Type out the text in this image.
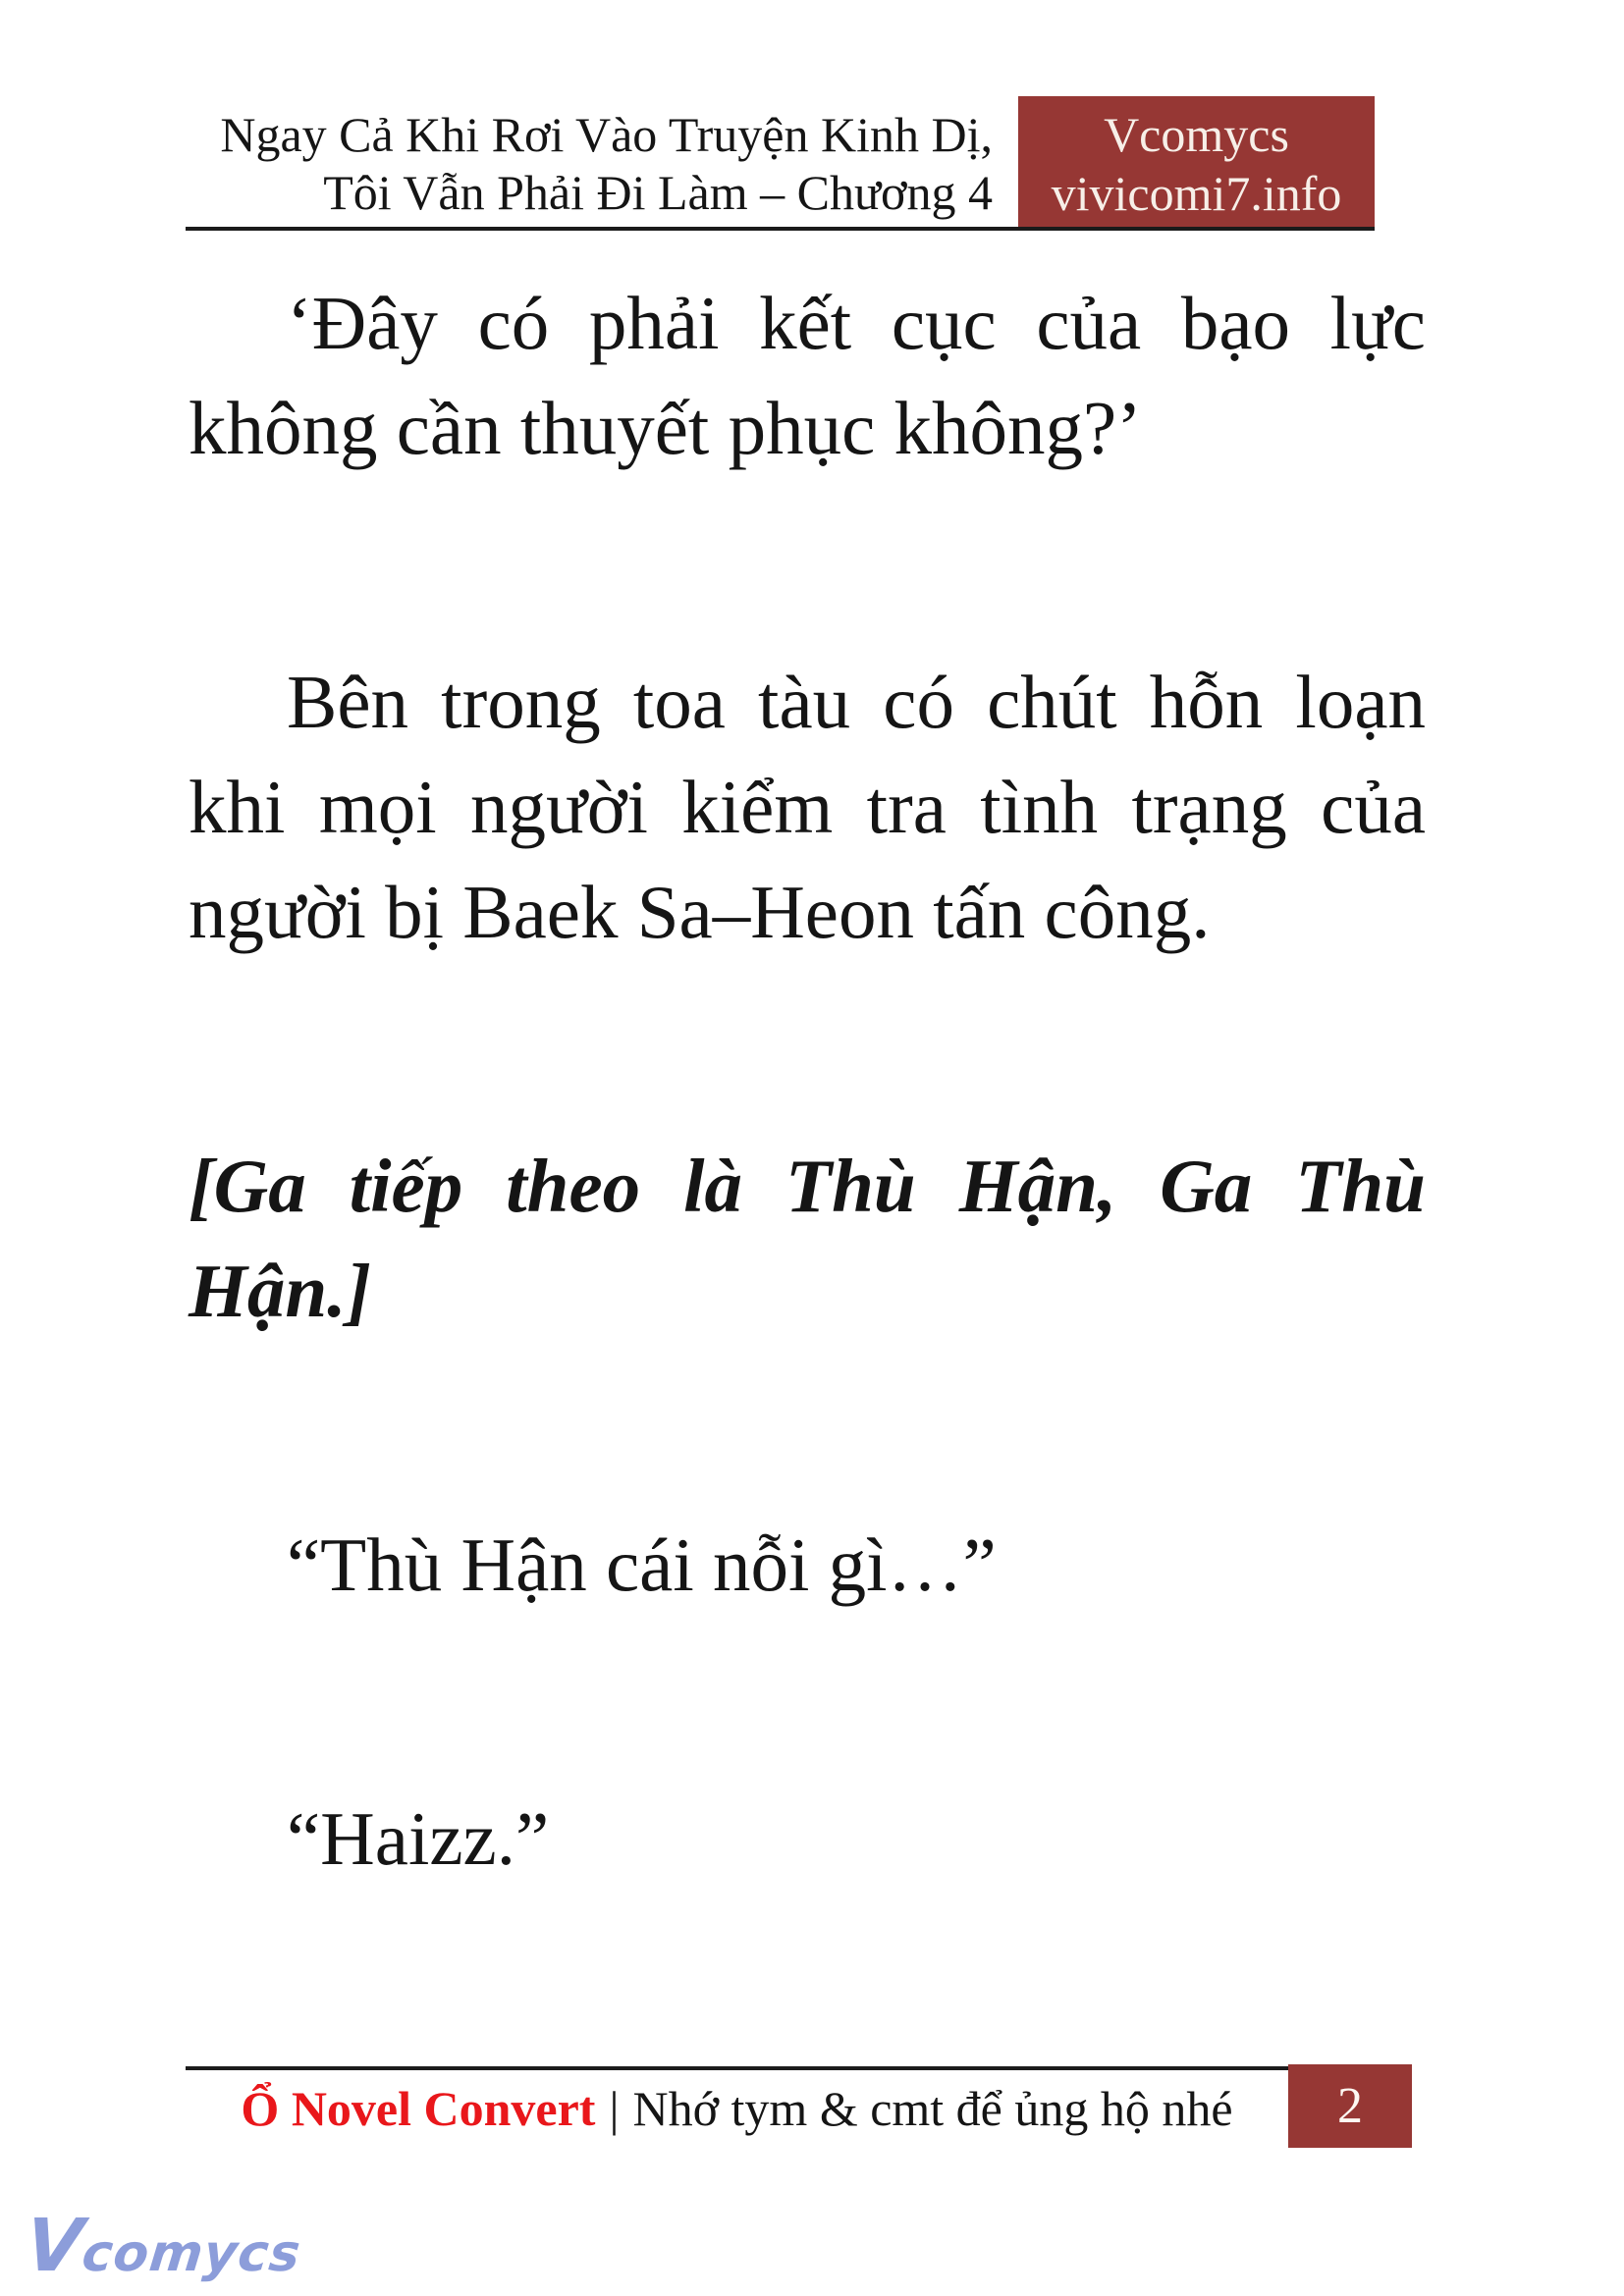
Ngay Cả Khi Rơi Vào Truyện Kinh Dị,
Tôi Vẫn Phải Đi Làm – Chương 4
Vcomycs
vivicomi7.info
‘Đây có phải kết cục của bạo lực
không cần thuyết phục không?’
Bên trong toa tàu có chút hỗn loạn
khi mọi người kiểm tra tình trạng của
người bị Baek Sa–Heon tấn công.
[Ga tiếp theo là Thù Hận, Ga Thù
Hận.]
“Thù Hận cái nỗi gì…”
“Haizz.”
Ổ Novel Convert | Nhớ tym & cmt để ủng hộ nhé	2
Vcomycs
